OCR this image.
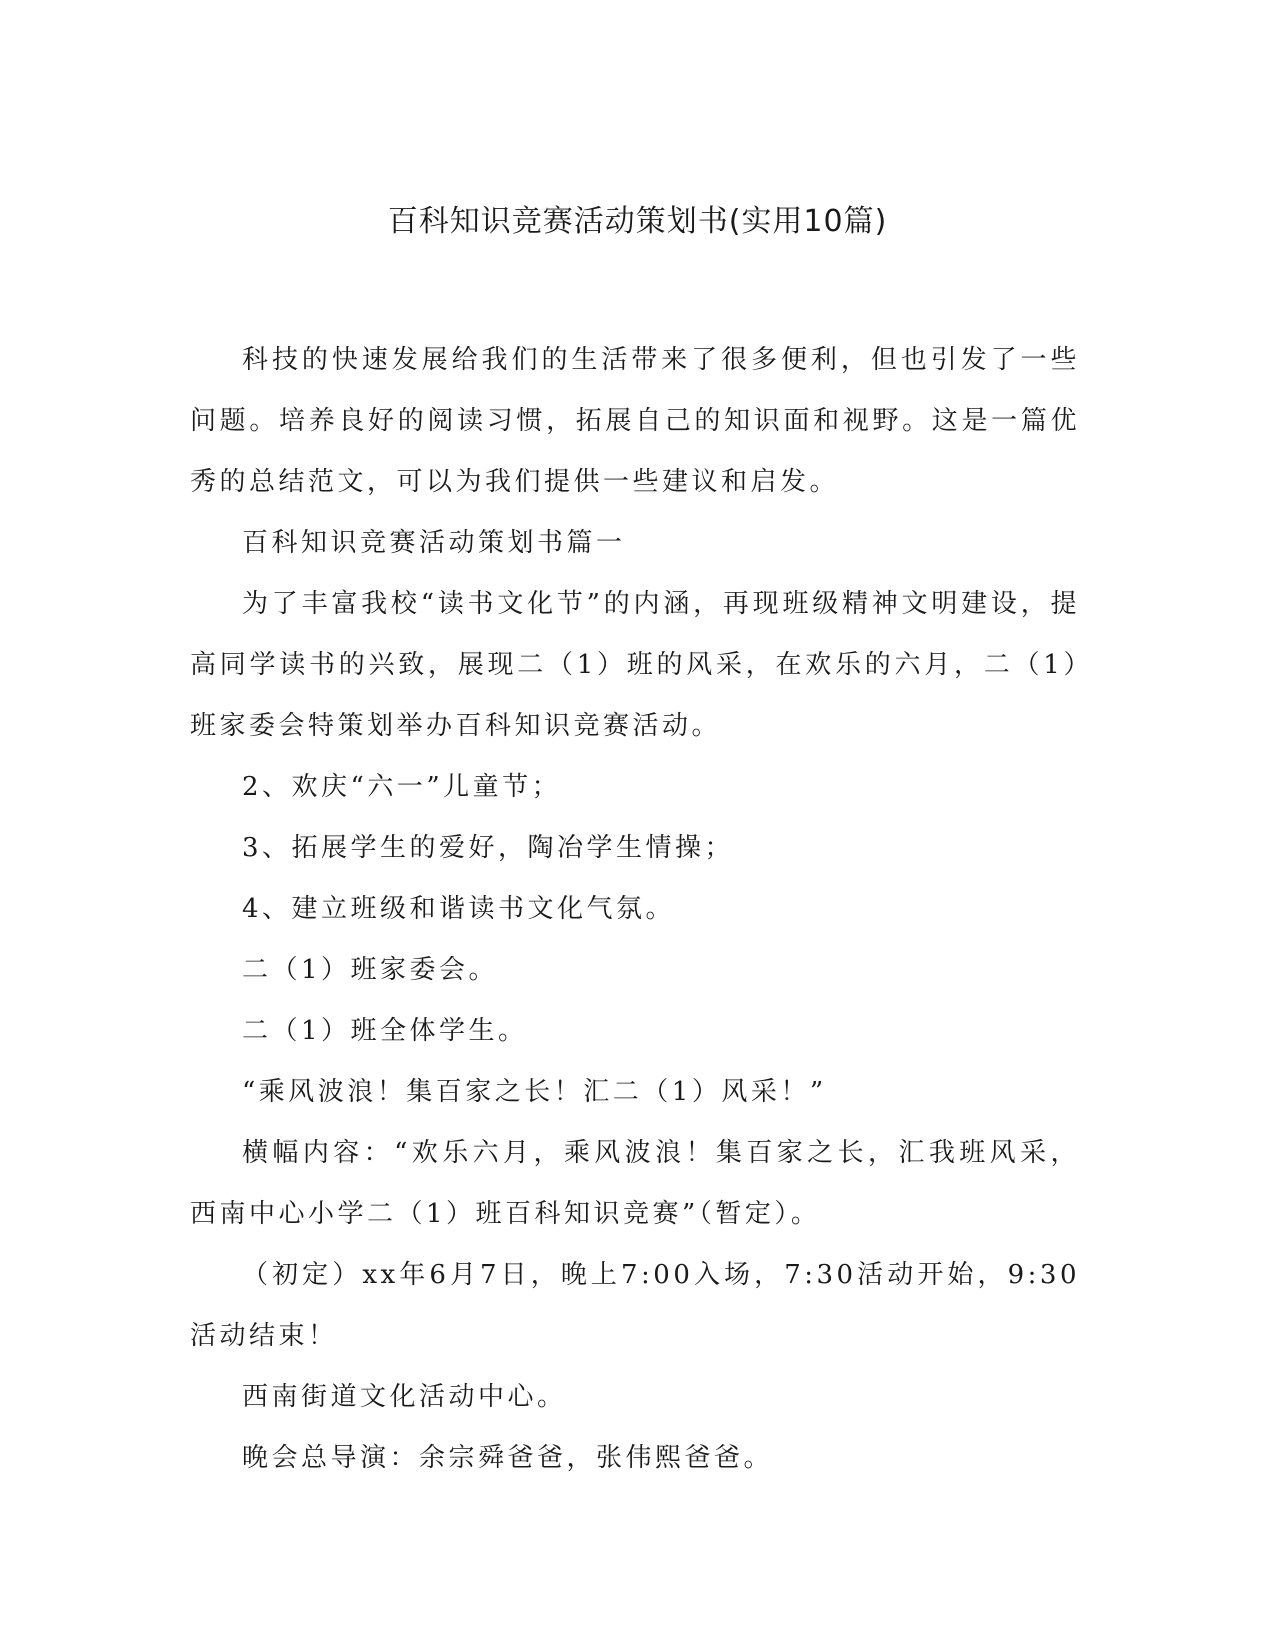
百科知识竞赛活动策划书(实用10篇)

科技的快速发展给我们的生活带来了很多便利，但也引发了一些问题。培养良好的阅读习惯，拓展自己的知识面和视野。这是一篇优秀的总结范文，可以为我们提供一些建议和启发。

百科知识竞赛活动策划书篇一

为了丰富我校“读书文化节”的内涵，再现班级精神文明建设，提高同学读书的兴致，展现二（1）班的风采，在欢乐的六月，二（1）班家委会特策划举办百科知识竞赛活动。

2、欢庆“六一”儿童节；

3、拓展学生的爱好，陶冶学生情操；

4、建立班级和谐读书文化气氛。

二（1）班家委会。

二（1）班全体学生。

“乘风波浪！集百家之长！汇二（1）风采！”

横幅内容：“欢乐六月，乘风波浪！集百家之长，汇我班风采，西南中心小学二（1）班百科知识竞赛”（暂定）。

（初定）xx年6月7日，晚上7:00入场，7:30活动开始，9:30活动结束！

西南街道文化活动中心。

晚会总导演：余宗舜爸爸，张伟熙爸爸。
